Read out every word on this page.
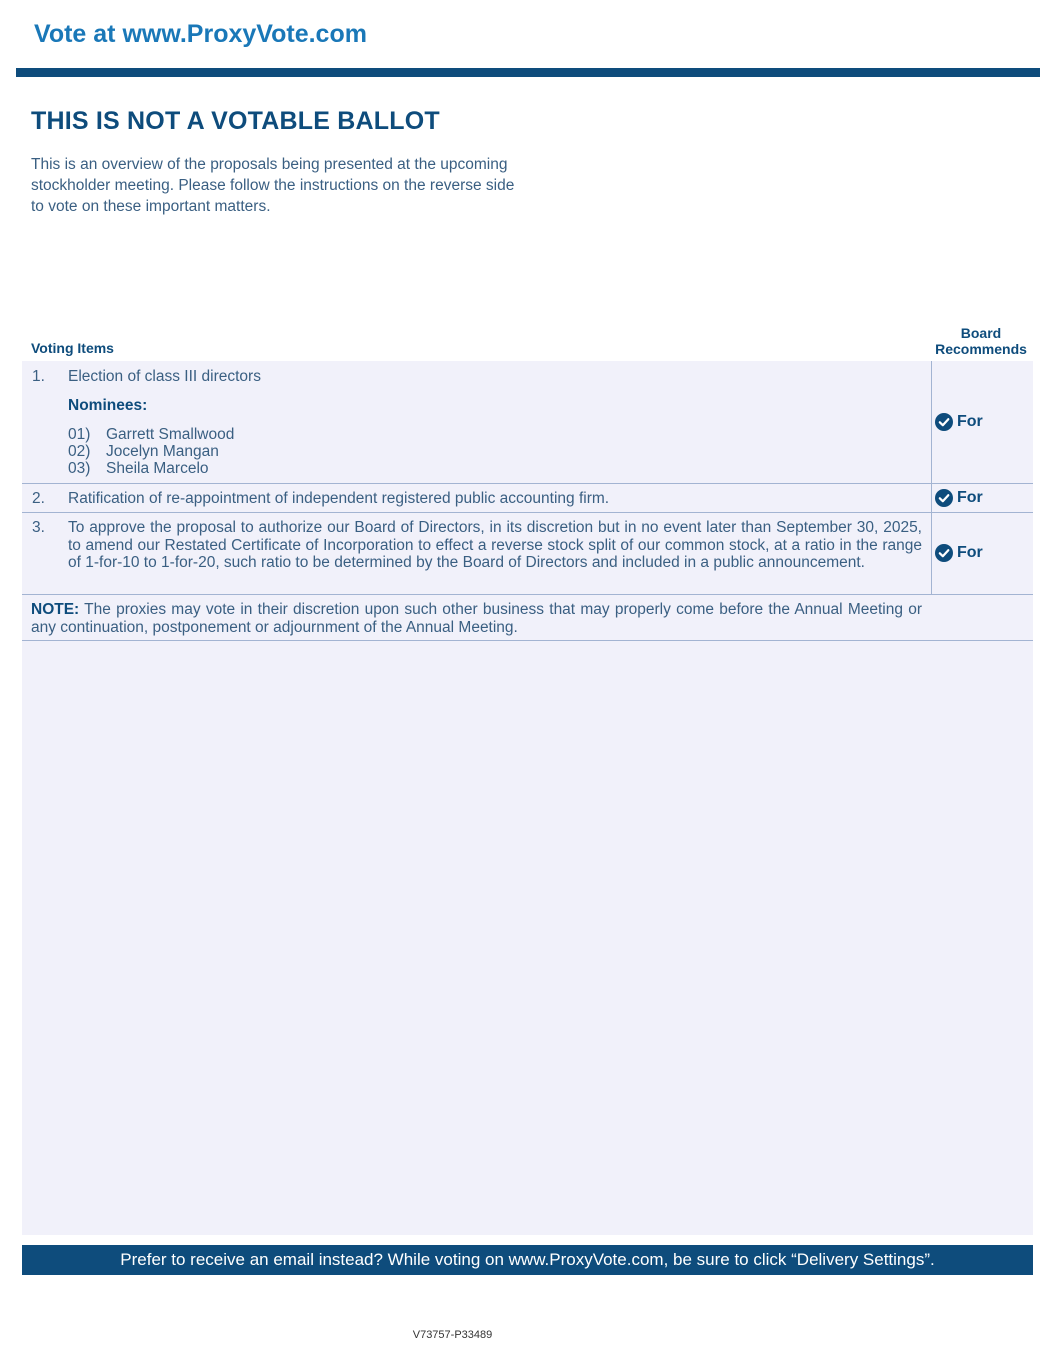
Vote at www.ProxyVote.com
THIS IS NOT A VOTABLE BALLOT
This is an overview of the proposals being presented at the upcoming stockholder meeting. Please follow the instructions on the reverse side to vote on these important matters.
Voting Items
Board
Recommends
1. Election of class III directors
Nominees:
01) Garrett Smallwood
02) Jocelyn Mangan
03) Sheila Marcelo
For
2. Ratification of re-appointment of independent registered public accounting firm.	For
3. To approve the proposal to authorize our Board of Directors, in its discretion but in no event later than September 30, 2025, to amend our Restated Certificate of Incorporation to effect a reverse stock split of our common stock, at a ratio in the range of 1-for-10 to 1-for-20, such ratio to be determined by the Board of Directors and included in a public announcement.
For
NOTE: The proxies may vote in their discretion upon such other business that may properly come before the Annual Meeting or any continuation, postponement or adjournment of the Annual Meeting.
Prefer to receive an email instead? While voting on www.ProxyVote.com, be sure to click “Delivery Settings”.
V73757-P33489
